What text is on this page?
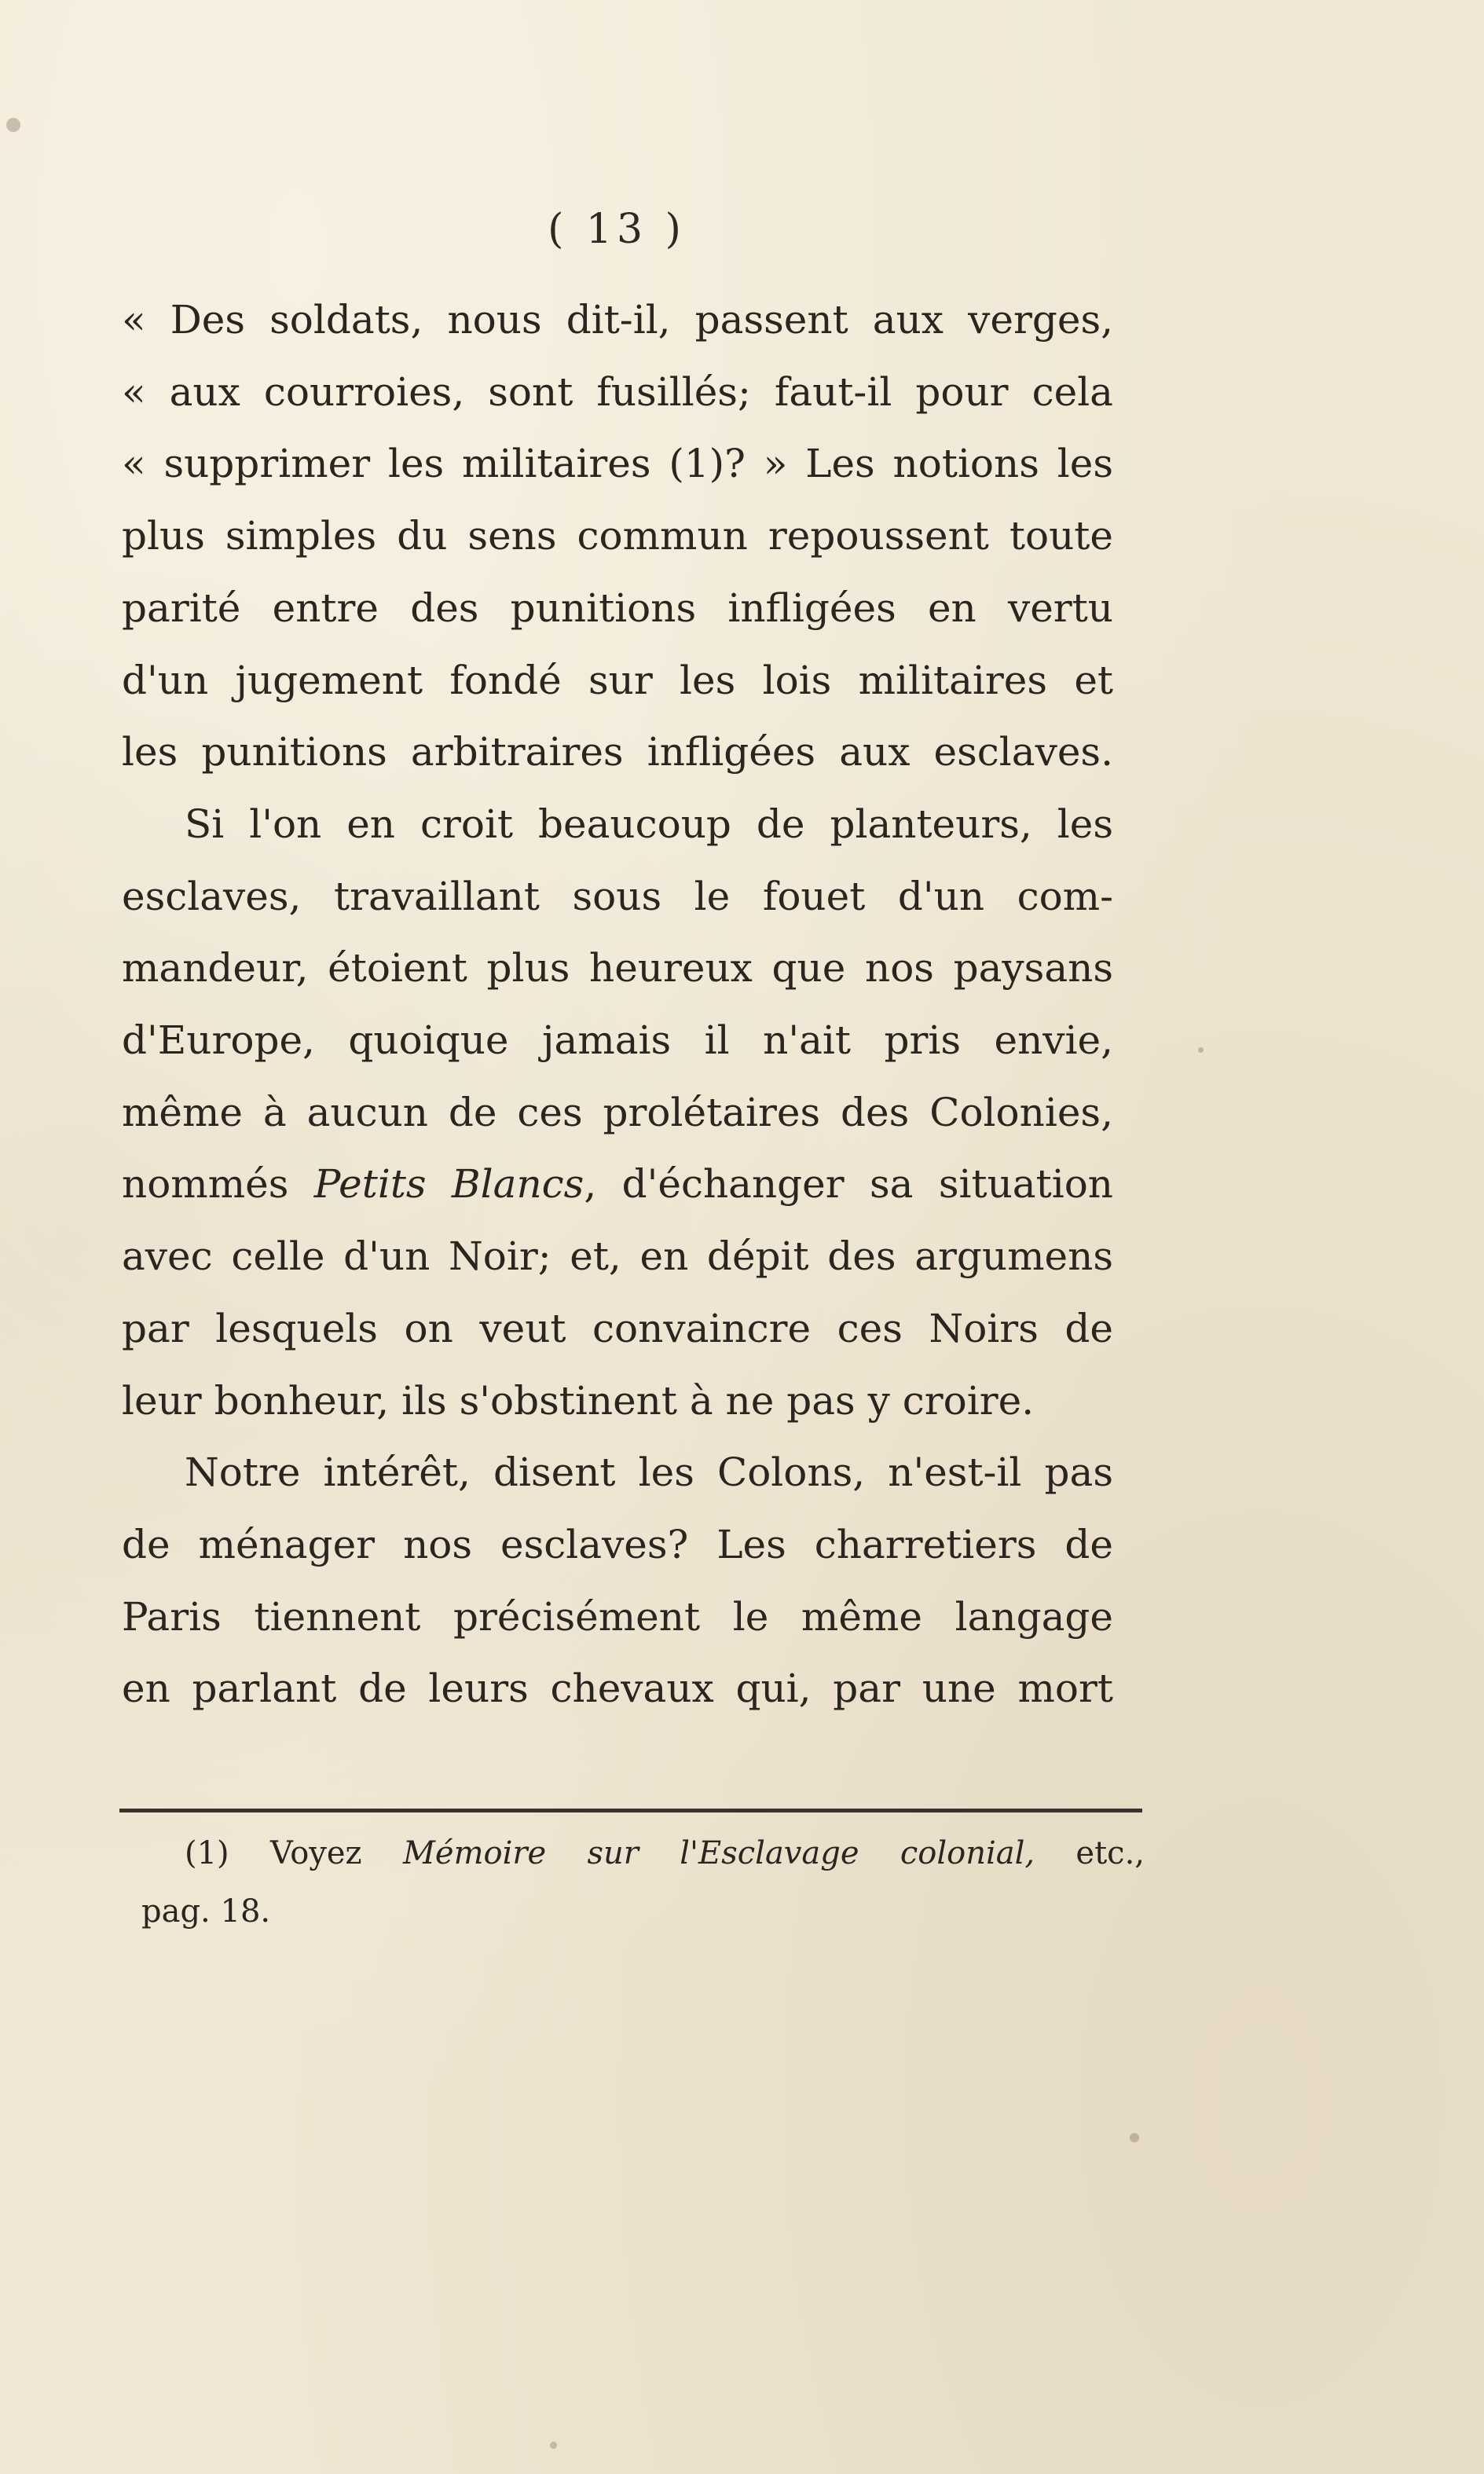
( 13 )
« Des soldats, nous dit-il, passent aux verges,
« aux courroies, sont fusillés; faut-il pour cela
« supprimer les militaires (1)? » Les notions les
plus simples du sens commun repoussent toute
parité entre des punitions infligées en vertu
d'un jugement fondé sur les lois militaires et
les punitions arbitraires infligées aux esclaves.
Si l'on en croit beaucoup de planteurs, les
esclaves, travaillant sous le fouet d'un com-
mandeur, étoient plus heureux que nos paysans
d'Europe, quoique jamais il n'ait pris envie,
même à aucun de ces prolétaires des Colonies,
nommés Petits Blancs, d'échanger sa situation
avec celle d'un Noir; et, en dépit des argumens
par lesquels on veut convaincre ces Noirs de
leur bonheur, ils s'obstinent à ne pas y croire.
Notre intérêt, disent les Colons, n'est-il pas
de ménager nos esclaves? Les charretiers de
Paris tiennent précisément le même langage
en parlant de leurs chevaux qui, par une mort
(1) Voyez Mémoire sur l'Esclavage colonial, etc.,
pag. 18.
